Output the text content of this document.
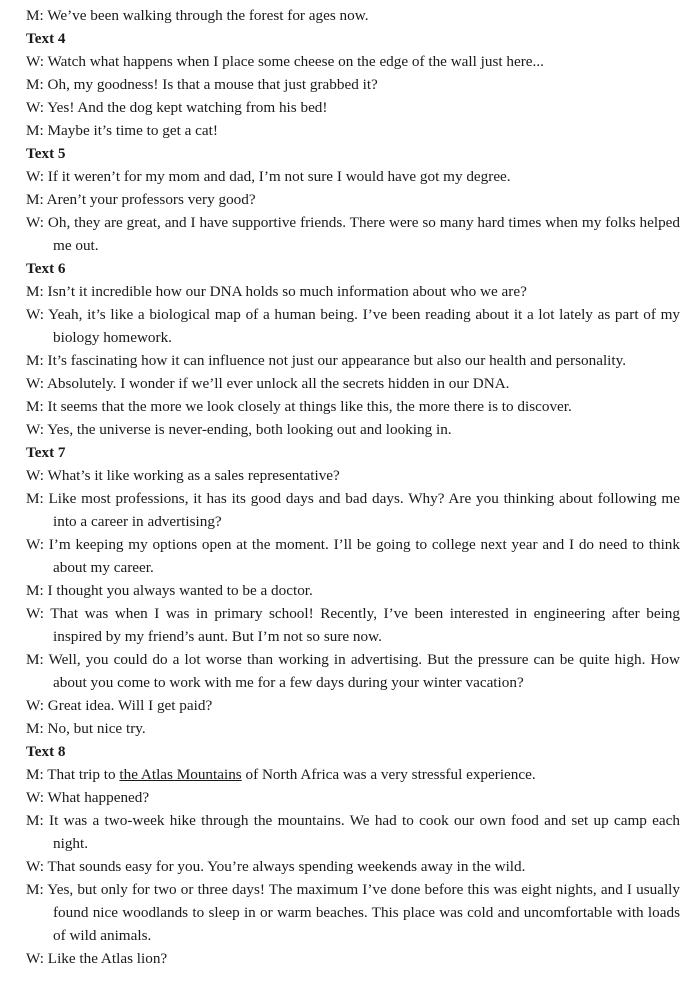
M: We’ve been walking through the forest for ages now.
Text 4
W: Watch what happens when I place some cheese on the edge of the wall just here...
M: Oh, my goodness! Is that a mouse that just grabbed it?
W: Yes! And the dog kept watching from his bed!
M: Maybe it’s time to get a cat!
Text 5
W: If it weren’t for my mom and dad, I’m not sure I would have got my degree.
M: Aren’t your professors very good?
W: Oh, they are great, and I have supportive friends. There were so many hard times when my folks helped me out.
Text 6
M: Isn’t it incredible how our DNA holds so much information about who we are?
W: Yeah, it’s like a biological map of a human being. I’ve been reading about it a lot lately as part of my biology homework.
M: It’s fascinating how it can influence not just our appearance but also our health and personality.
W: Absolutely. I wonder if we’ll ever unlock all the secrets hidden in our DNA.
M: It seems that the more we look closely at things like this, the more there is to discover.
W: Yes, the universe is never-ending, both looking out and looking in.
Text 7
W: What’s it like working as a sales representative?
M: Like most professions, it has its good days and bad days. Why? Are you thinking about following me into a career in advertising?
W: I’m keeping my options open at the moment. I’ll be going to college next year and I do need to think about my career.
M: I thought you always wanted to be a doctor.
W: That was when I was in primary school! Recently, I’ve been interested in engineering after being inspired by my friend’s aunt. But I’m not so sure now.
M: Well, you could do a lot worse than working in advertising. But the pressure can be quite high. How about you come to work with me for a few days during your winter vacation?
W: Great idea. Will I get paid?
M: No, but nice try.
Text 8
M: That trip to the Atlas Mountains of North Africa was a very stressful experience.
W: What happened?
M: It was a two-week hike through the mountains. We had to cook our own food and set up camp each night.
W: That sounds easy for you. You’re always spending weekends away in the wild.
M: Yes, but only for two or three days! The maximum I’ve done before this was eight nights, and I usually found nice woodlands to sleep in or warm beaches. This place was cold and uncomfortable with loads of wild animals.
W: Like the Atlas lion?
